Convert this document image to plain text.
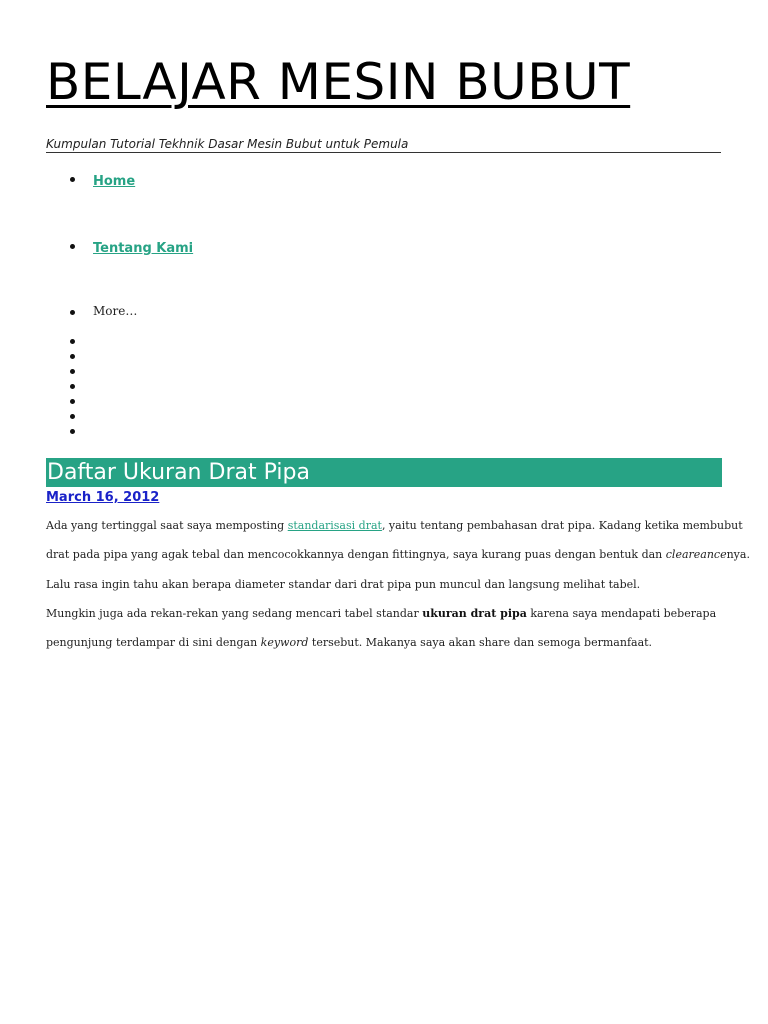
BELAJAR MESIN BUBUT
Kumpulan Tutorial Tekhnik Dasar Mesin Bubut untuk Pemula
Home
Tentang Kami
More…
Daftar Ukuran Drat Pipa
March 16, 2012

Ada yang tertinggal saat saya memposting standarisasi drat, yaitu tentang pembahasan drat pipa. Kadang ketika membubut
drat pada pipa yang agak tebal dan mencocokkannya dengan fittingnya, saya kurang puas dengan bentuk dan cleareancenya.
Lalu rasa ingin tahu akan berapa diameter standar dari drat pipa pun muncul dan langsung melihat tabel.

Mungkin juga ada rekan-rekan yang sedang mencari tabel standar ukuran drat pipa karena saya mendapati beberapa
pengunjung terdampar di sini dengan keyword tersebut. Makanya saya akan share dan semoga bermanfaat.
